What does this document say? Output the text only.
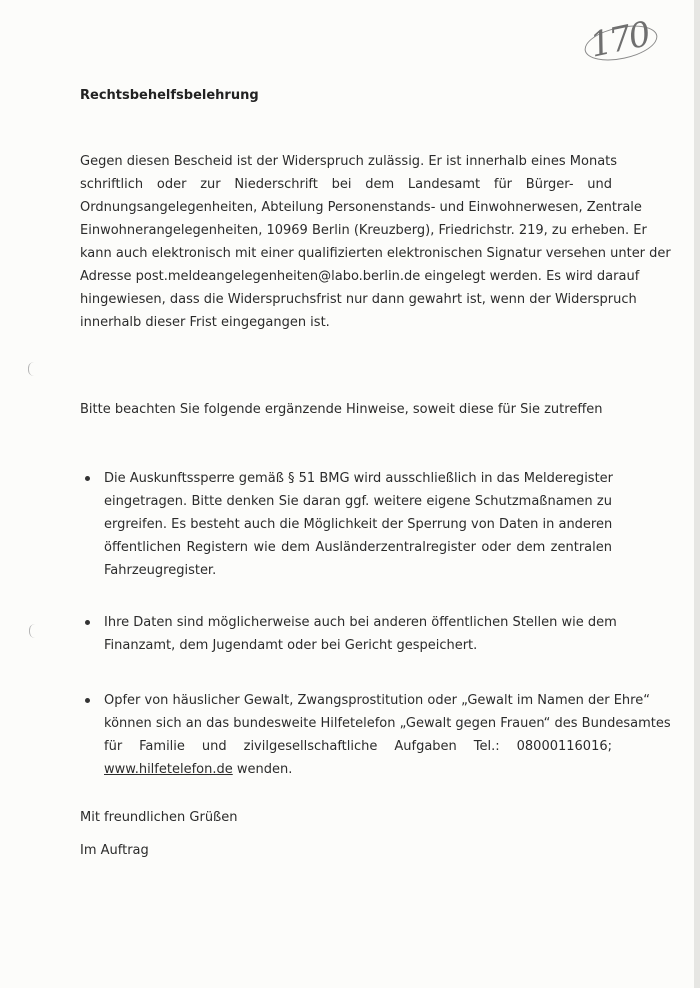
170
Rechtsbehelfsbelehrung
Gegen diesen Bescheid ist der Widerspruch zulässig. Er ist innerhalb eines Monats
schriftlich oder zur Niederschrift bei dem Landesamt für Bürger- und
Ordnungsangelegenheiten, Abteilung Personenstands- und Einwohnerwesen, Zentrale
Einwohnerangelegenheiten, 10969 Berlin (Kreuzberg), Friedrichstr. 219, zu erheben. Er
kann auch elektronisch mit einer qualifizierten elektronischen Signatur versehen unter der
Adresse post.meldeangelegenheiten@labo.berlin.de eingelegt werden. Es wird darauf
hingewiesen, dass die Widerspruchsfrist nur dann gewahrt ist, wenn der Widerspruch
innerhalb dieser Frist eingegangen ist.
Bitte beachten Sie folgende ergänzende Hinweise, soweit diese für Sie zutreffen
Die Auskunftssperre gemäß § 51 BMG wird ausschließlich in das Melderegister
eingetragen. Bitte denken Sie daran ggf. weitere eigene Schutzmaßnamen zu
ergreifen. Es besteht auch die Möglichkeit der Sperrung von Daten in anderen
öffentlichen Registern wie dem Ausländerzentralregister oder dem zentralen
Fahrzeugregister.
Ihre Daten sind möglicherweise auch bei anderen öffentlichen Stellen wie dem
Finanzamt, dem Jugendamt oder bei Gericht gespeichert.
Opfer von häuslicher Gewalt, Zwangsprostitution oder „Gewalt im Namen der Ehre“
können sich an das bundesweite Hilfetelefon „Gewalt gegen Frauen“ des Bundesamtes
für Familie und zivilgesellschaftliche Aufgaben Tel.: 08000116016;
www.hilfetelefon.de wenden.
Mit freundlichen Grüßen
Im Auftrag
